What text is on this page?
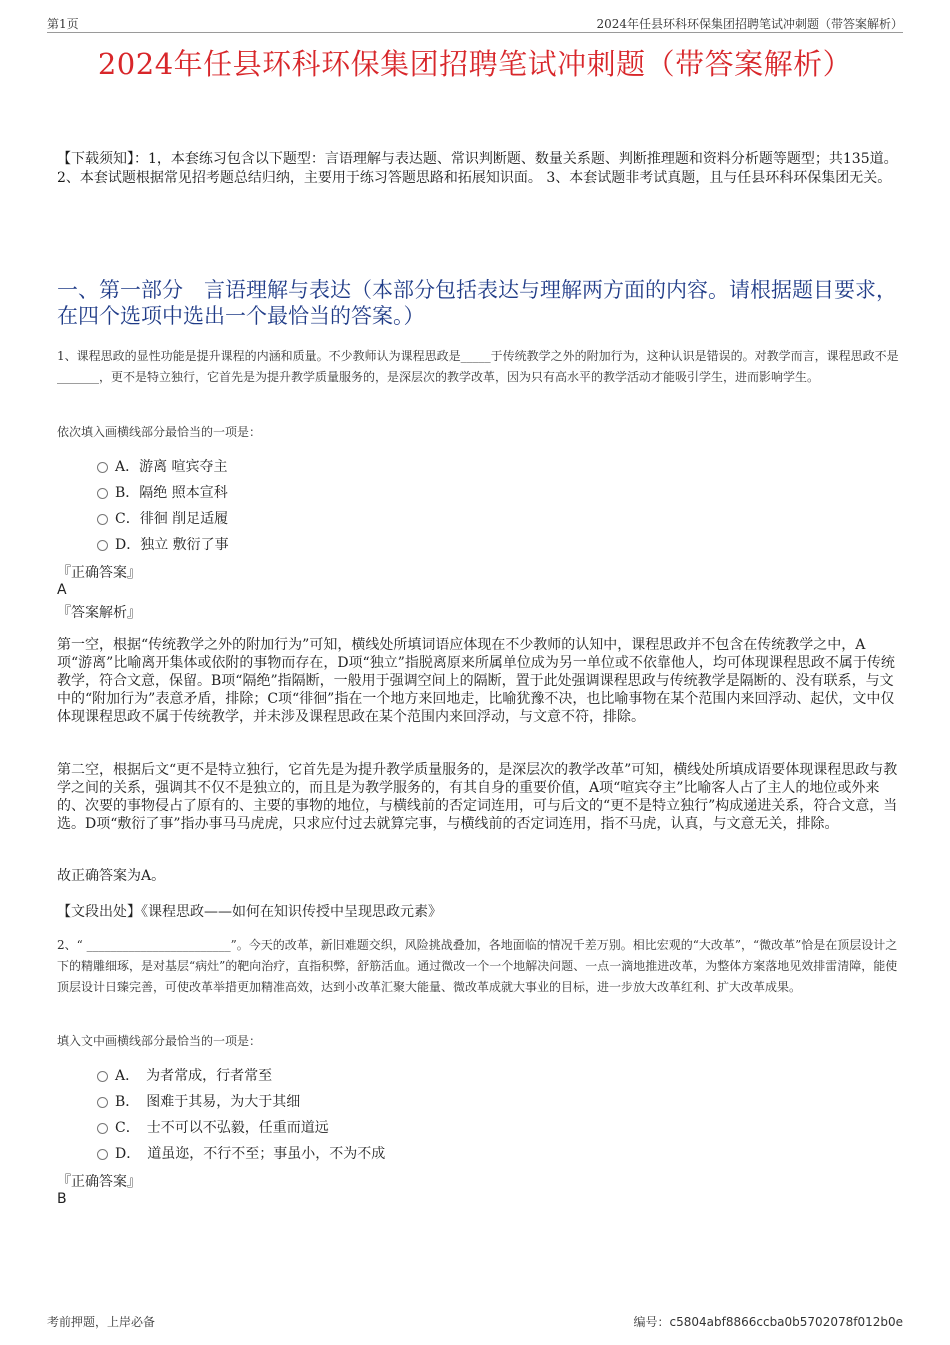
第1页	2024年任县环科环保集团招聘笔试冲刺题（带答案解析）
2024年任县环科环保集团招聘笔试冲刺题（带答案解析）
【下载须知】：1，本套练习包含以下题型：言语理解与表达题、常识判断题、数量关系题、判断推理题和资料分析题等题型；共135道。 2、本套试题根据常见招考题总结归纳，主要用于练习答题思路和拓展知识面。 3、本套试题非考试真题，且与任县环科环保集团无关。
一、第一部分　言语理解与表达（本部分包括表达与理解两方面的内容。请根据题目要求，在四个选项中选出一个最恰当的答案。）
1、课程思政的显性功能是提升课程的内涵和质量。不少教师认为课程思政是_____于传统教学之外的附加行为，这种认识是错误的。对教学而言，课程思政不是_______，更不是特立独行，它首先是为提升教学质量服务的，是深层次的教学改革，因为只有高水平的教学活动才能吸引学生，进而影响学生。
依次填入画横线部分最恰当的一项是：
A．游离 喧宾夺主
B．隔绝 照本宣科
C．徘徊 削足适履
D．独立 敷衍了事
『正确答案』
A
『答案解析』
第一空，根据“传统教学之外的附加行为”可知，横线处所填词语应体现在不少教师的认知中，课程思政并不包含在传统教学之中，A项“游离”比喻离开集体或依附的事物而存在，D项“独立”指脱离原来所属单位成为另一单位或不依靠他人，均可体现课程思政不属于传统教学，符合文意，保留。B项“隔绝”指隔断，一般用于强调空间上的隔断，置于此处强调课程思政与传统教学是隔断的、没有联系，与文中的“附加行为”表意矛盾，排除；C项“徘徊”指在一个地方来回地走，比喻犹豫不决，也比喻事物在某个范围内来回浮动、起伏，文中仅体现课程思政不属于传统教学，并未涉及课程思政在某个范围内来回浮动，与文意不符，排除。
第二空，根据后文“更不是特立独行，它首先是为提升教学质量服务的，是深层次的教学改革”可知，横线处所填成语要体现课程思政与教学之间的关系，强调其不仅不是独立的，而且是为教学服务的，有其自身的重要价值，A项“喧宾夺主”比喻客人占了主人的地位或外来的、次要的事物侵占了原有的、主要的事物的地位，与横线前的否定词连用，可与后文的“更不是特立独行”构成递进关系，符合文意，当选。D项“敷衍了事”指办事马马虎虎，只求应付过去就算完事，与横线前的否定词连用，指不马虎，认真，与文意无关，排除。
故正确答案为A。
【文段出处】《课程思政——如何在知识传授中呈现思政元素》
2、“ ________________________”。今天的改革，新旧难题交织，风险挑战叠加，各地面临的情况千差万别。相比宏观的“大改革”，“微改革”恰是在顶层设计之下的精雕细琢，是对基层“病灶”的靶向治疗，直指积弊，舒筋活血。通过微改一个一个地解决问题、一点一滴地推进改革，为整体方案落地见效排雷清障，能使顶层设计日臻完善，可使改革举措更加精准高效，达到小改革汇聚大能量、微改革成就大事业的目标，进一步放大改革红利、扩大改革成果。
填入文中画横线部分最恰当的一项是：
A．　为者常成，行者常至
B．　图难于其易，为大于其细
C．　士不可以不弘毅，任重而道远
D．　道虽迩，不行不至；事虽小，不为不成
『正确答案』
B
考前押题，上岸必备	编号：c5804abf8866ccba0b5702078f012b0e
